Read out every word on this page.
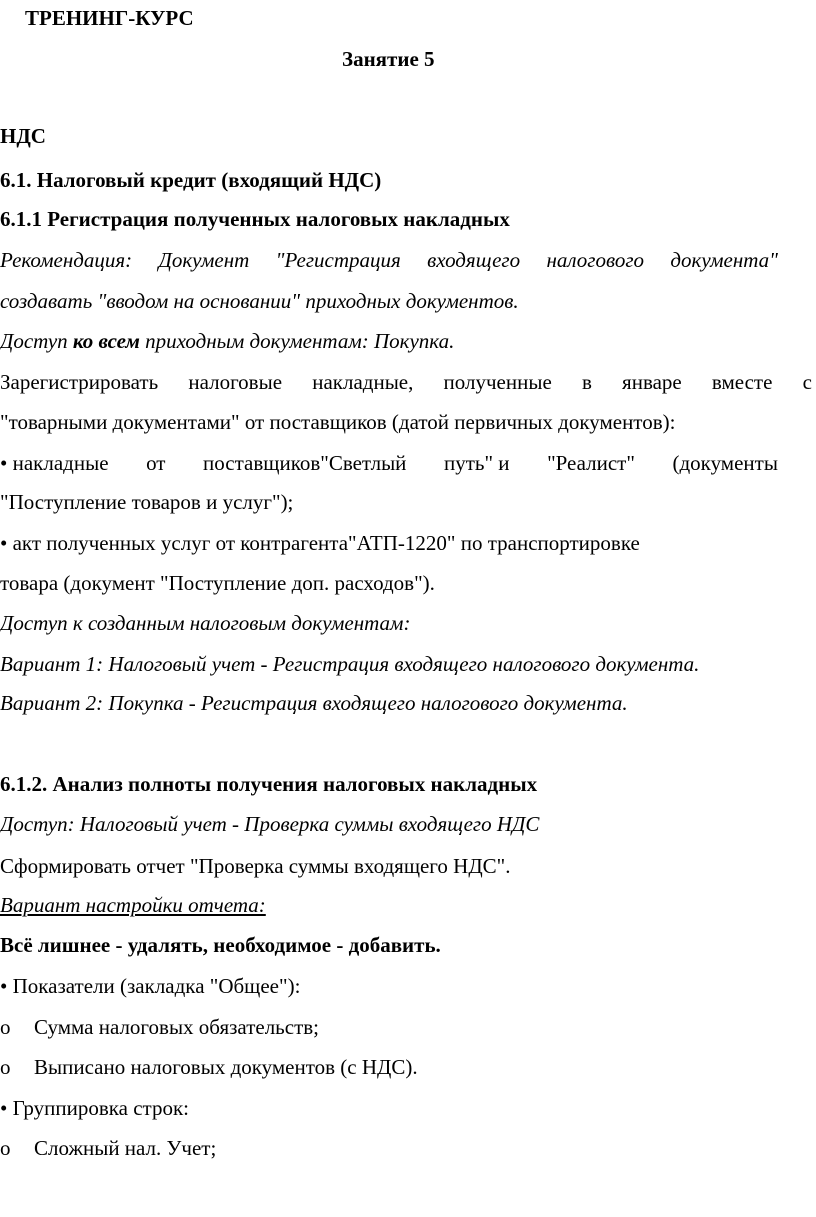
ТРЕНИНГ-КУРС
Занятие 5
НДС
6.1. Налоговый кредит (входящий НДС)
6.1.1 Регистрация полученных налоговых накладных
Рекомендация: Документ "Регистрация входящего налогового документа"
создавать "вводом на основании" приходных документов.
Доступ ко всем приходным документам: Покупка.
Зарегистрировать налоговые накладные, полученные в январе вместе с
"товарными документами" от поставщиков (датой первичных документов):
• накладные от поставщиков"Светлый путь" и "Реалист" (документы
"Поступление товаров и услуг");
• акт полученных услуг от контрагента"АТП-1220" по транспортировке
товара (документ "Поступление доп. расходов").
Доступ к созданным налоговым документам:
Вариант 1: Налоговый учет - Регистрация входящего налогового документа.
Вариант 2: Покупка - Регистрация входящего налогового документа.
6.1.2. Анализ полноты получения налоговых накладных
Доступ: Налоговый учет - Проверка суммы входящего НДС
Сформировать отчет "Проверка суммы входящего НДС".
Вариант настройки отчета:
Всё лишнее - удалять, необходимое - добавить.
• Показатели (закладка "Общее"):
o Сумма налоговых обязательств;
o Выписано налоговых документов (с НДС).
• Группировка строк:
o Сложный нал. Учет;
